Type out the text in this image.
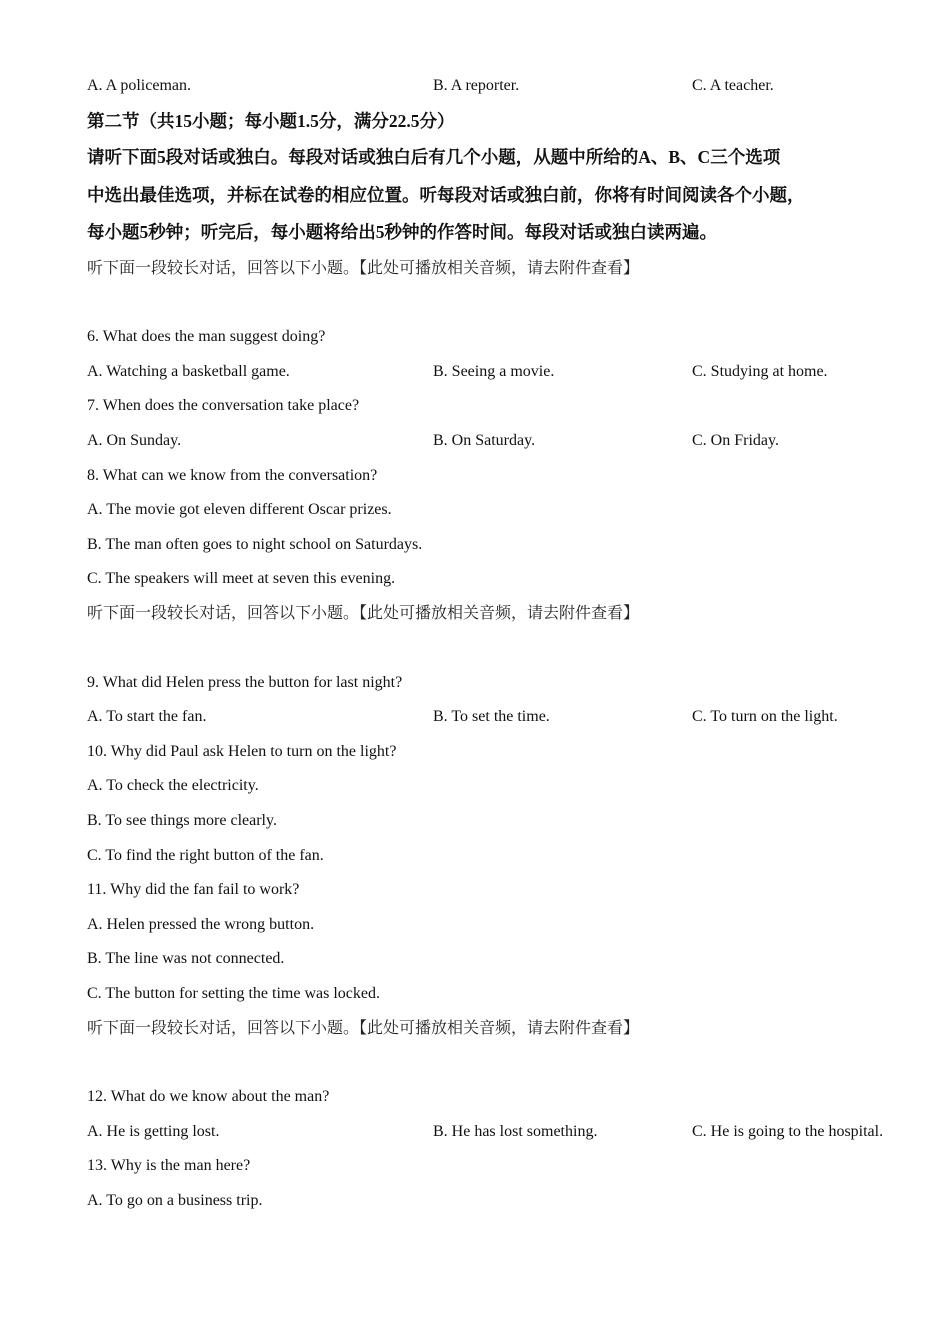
A. A policeman.	B. A reporter.	C. A teacher.
第二节（共15小题；每小题1.5分，满分22.5分）
请听下面5段对话或独白。每段对话或独白后有几个小题，从题中所给的A、B、C三个选项
中选出最佳选项，并标在试卷的相应位置。听每段对话或独白前，你将有时间阅读各个小题，
每小题5秒钟；听完后，每小题将给出5秒钟的作答时间。每段对话或独白读两遍。
听下面一段较长对话，回答以下小题。【此处可播放相关音频，请去附件查看】
6. What does the man suggest doing?
A. Watching a basketball game.	B. Seeing a movie.	C. Studying at home.
7. When does the conversation take place?
A. On Sunday.	B. On Saturday.	C. On Friday.
8. What can we know from the conversation?
A. The movie got eleven different Oscar prizes.
B. The man often goes to night school on Saturdays.
C. The speakers will meet at seven this evening.
听下面一段较长对话，回答以下小题。【此处可播放相关音频，请去附件查看】
9. What did Helen press the button for last night?
A. To start the fan.	B. To set the time.	C. To turn on the light.
10. Why did Paul ask Helen to turn on the light?
A. To check the electricity.
B. To see things more clearly.
C. To find the right button of the fan.
11. Why did the fan fail to work?
A. Helen pressed the wrong button.
B. The line was not connected.
C. The button for setting the time was locked.
听下面一段较长对话，回答以下小题。【此处可播放相关音频，请去附件查看】
12. What do we know about the man?
A. He is getting lost.	B. He has lost something.	C. He is going to the hospital.
13. Why is the man here?
A. To go on a business trip.
